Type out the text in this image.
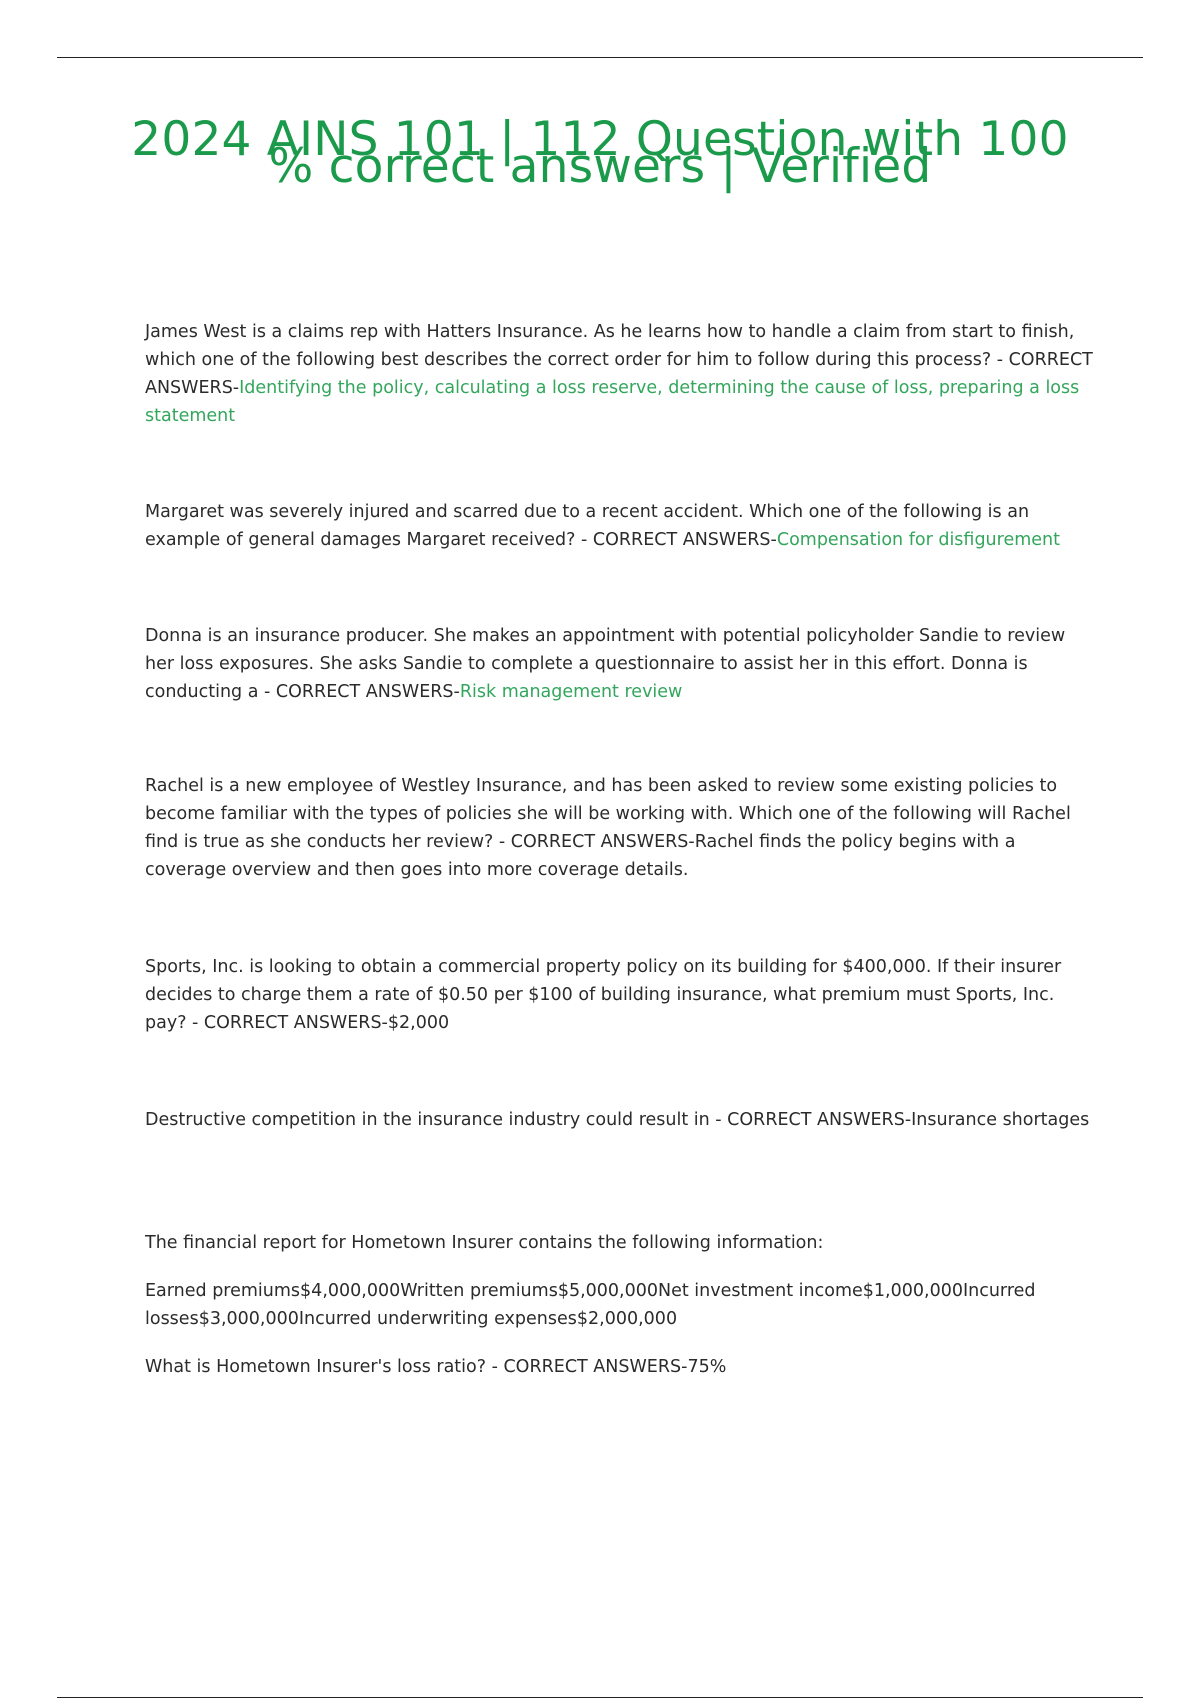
2024 AINS 101 | 112 Question with 100 % correct answers | Verified

James West is a claims rep with Hatters Insurance. As he learns how to handle a claim from start to finish, which one of the following best describes the correct order for him to follow during this process? - CORRECT ANSWERS-Identifying the policy, calculating a loss reserve, determining the cause of loss, preparing a loss statement

Margaret was severely injured and scarred due to a recent accident. Which one of the following is an example of general damages Margaret received? - CORRECT ANSWERS-Compensation for disfigurement

Donna is an insurance producer. She makes an appointment with potential policyholder Sandie to review her loss exposures. She asks Sandie to complete a questionnaire to assist her in this effort. Donna is conducting a - CORRECT ANSWERS-Risk management review

Rachel is a new employee of Westley Insurance, and has been asked to review some existing policies to become familiar with the types of policies she will be working with. Which one of the following will Rachel find is true as she conducts her review? - CORRECT ANSWERS-Rachel finds the policy begins with a coverage overview and then goes into more coverage details.

Sports, Inc. is looking to obtain a commercial property policy on its building for $400,000. If their insurer decides to charge them a rate of $0.50 per $100 of building insurance, what premium must Sports, Inc. pay? - CORRECT ANSWERS-$2,000

Destructive competition in the insurance industry could result in - CORRECT ANSWERS-Insurance shortages

The financial report for Hometown Insurer contains the following information:

Earned premiums$4,000,000Written premiums$5,000,000Net investment income$1,000,000Incurred losses$3,000,000Incurred underwriting expenses$2,000,000

What is Hometown Insurer's loss ratio? - CORRECT ANSWERS-75%
